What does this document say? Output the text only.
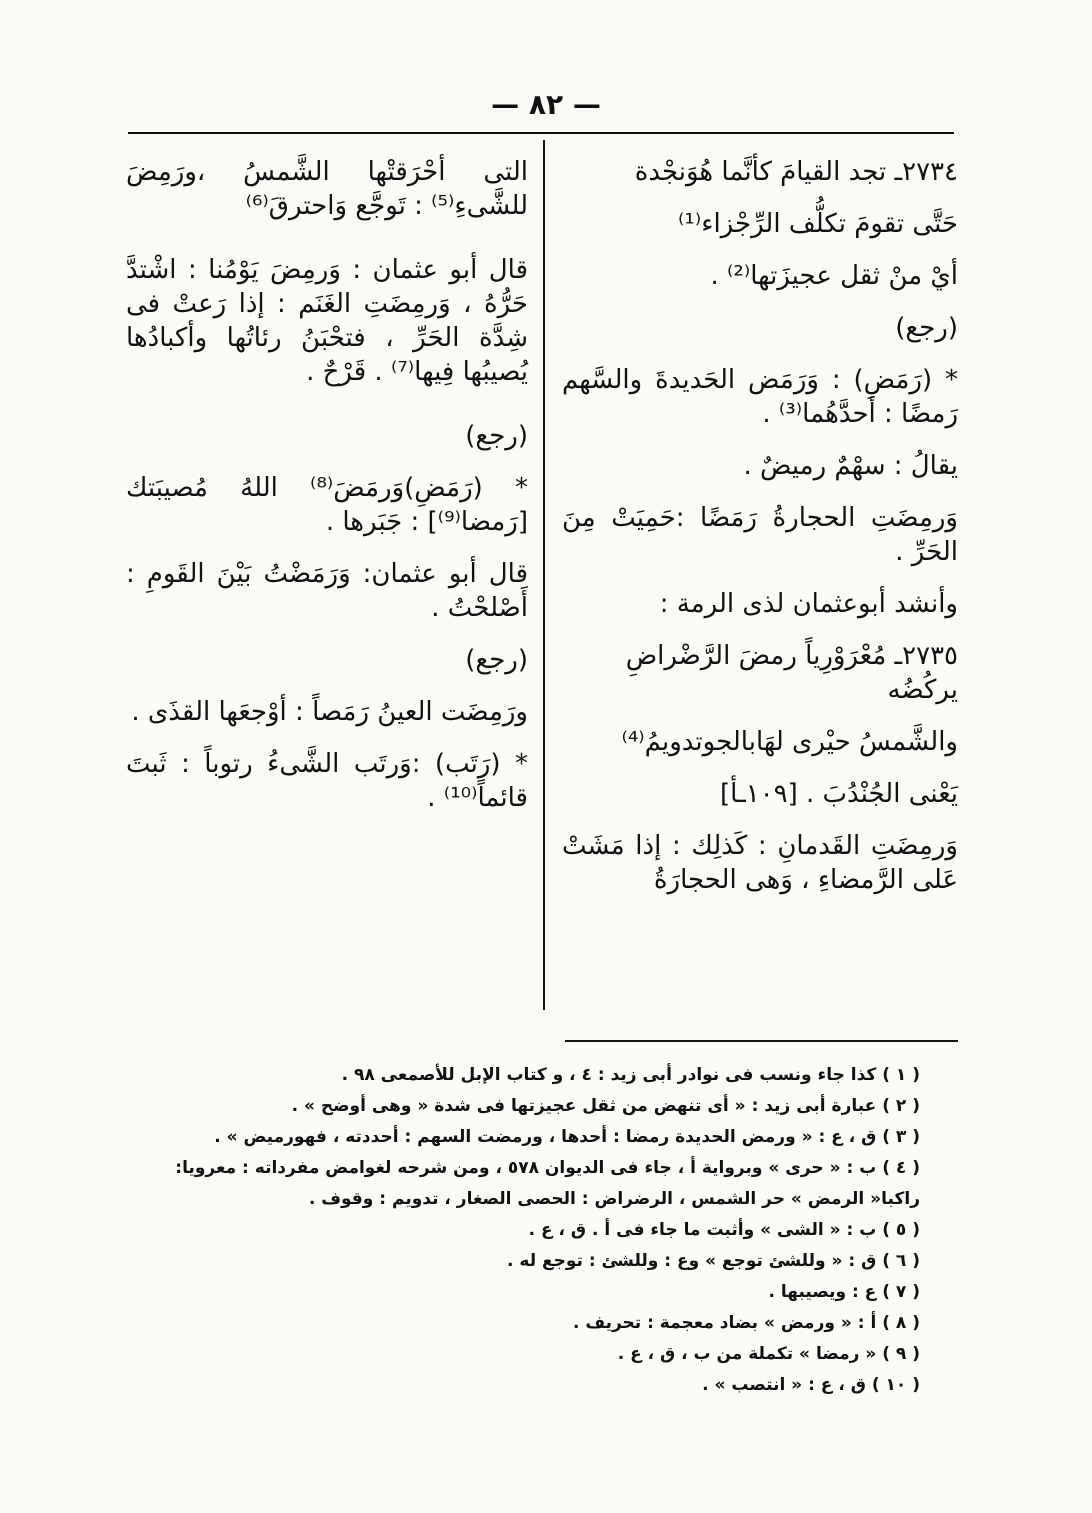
— ٨٢ —

٢٧٣٤ـ تجد القيامَ كأنَّما هُوَنجْدة

حَتَّى تقومَ تكلُّف الرِّجْزاء⁽¹⁾

أيْ منْ ثقل عجيزَتها⁽²⁾ .

(رجع)

* (رَمَضِ) : وَرَمَض الحَديدةَ والسَّهم رَمضًا : أحدَّهُما⁽³⁾ .

يقالُ : سهْمٌ رميضٌ .

وَرمِضَتِ الحجارةُ رَمَضًا :حَمِيَتْ مِنَ الحَرِّ .

وأنشد أبوعثمان لذى الرمة :

٢٧٣٥ـ مُعْرَوْرِياً رمضَ الرَّضْراضِ يركُضُه

والشَّمسُ حيْرى لهَابالجوتدويمُ⁽⁴⁾

يَعْنى الجُنْدُبَ . [١٠٩ـأ]

وَرمِضَتِ القَدمانِ : كَذلِك : إذا مَشَتْ عَلى الرَّمضاءِ ، وَهى الحجارَةُ

التى أحْرَقتْها الشَّمسُ ،ورَمِضَ للشَّىءِ⁽⁵⁾ : تَوجَّع وَاحترقَ⁽⁶⁾

قال أبو عثمان : وَرمِضَ يَوْمُنا : اشْتدَّ حَرُّهُ ، وَرمِضَتِ الغَنَم : إذا رَعتْ فى شِدَّة الحَرِّ ، فتحْبَنُ رئاتُها وأكبادُها يُصيبُها فِيها⁽⁷⁾ . قَرْحٌ .

(رجع)

* (رَمَضِ)وَرمَضَ⁽⁸⁾ اللهُ مُصيبَتك [رَمضا⁽⁹⁾] : جَبَرها .

قال أبو عثمان: وَرَمَضْتُ بَيْنَ القَومِ : أَصْلحْتُ .

(رجع)

ورَمِضَت العينُ رَمَصاً : أوْجعَها القذَى .

* (رَتَب) :وَرتَب الشَّىءُ رتوباً : ثَبتَ قائماً⁽¹⁰⁾ .

( ١ ) كذا جاء ونسب فى نوادر أبى زيد : ٤ ، و كتاب الإبل للأصمعى ٩٨ .

( ٢ ) عبارة أبى زيد : « أى تنهض من ثقل عجيزتها فى شدة « وهى أوضح » .

( ٣ ) ق ، ع : « ورمض الحديدة رمضا : أحدها ، ورمضت السهم : أحددته ، فهورميض » .

( ٤ ) ب : « حرى » وبرواية أ ، جاء فى الديوان ٥٧٨ ، ومن شرحه لغوامض مفرداته : معرويا: راكبا« الرمض » حر الشمس ، الرضراض : الحصى الصغار ، تدويم : وقوف .

( ٥ ) ب : « الشى » وأثبت ما جاء فى أ . ق ، ع .

( ٦ ) ق : « وللشئ توجع » وع : وللشئ : توجع له .

( ٧ ) ع : ويصيبها .

( ٨ ) أ : « ورمض » بضاد معجمة : تحريف .

( ٩ ) « رمضا » تكملة من ب ، ق ، ع .

( ١٠ ) ق ، ع : « انتصب » .
